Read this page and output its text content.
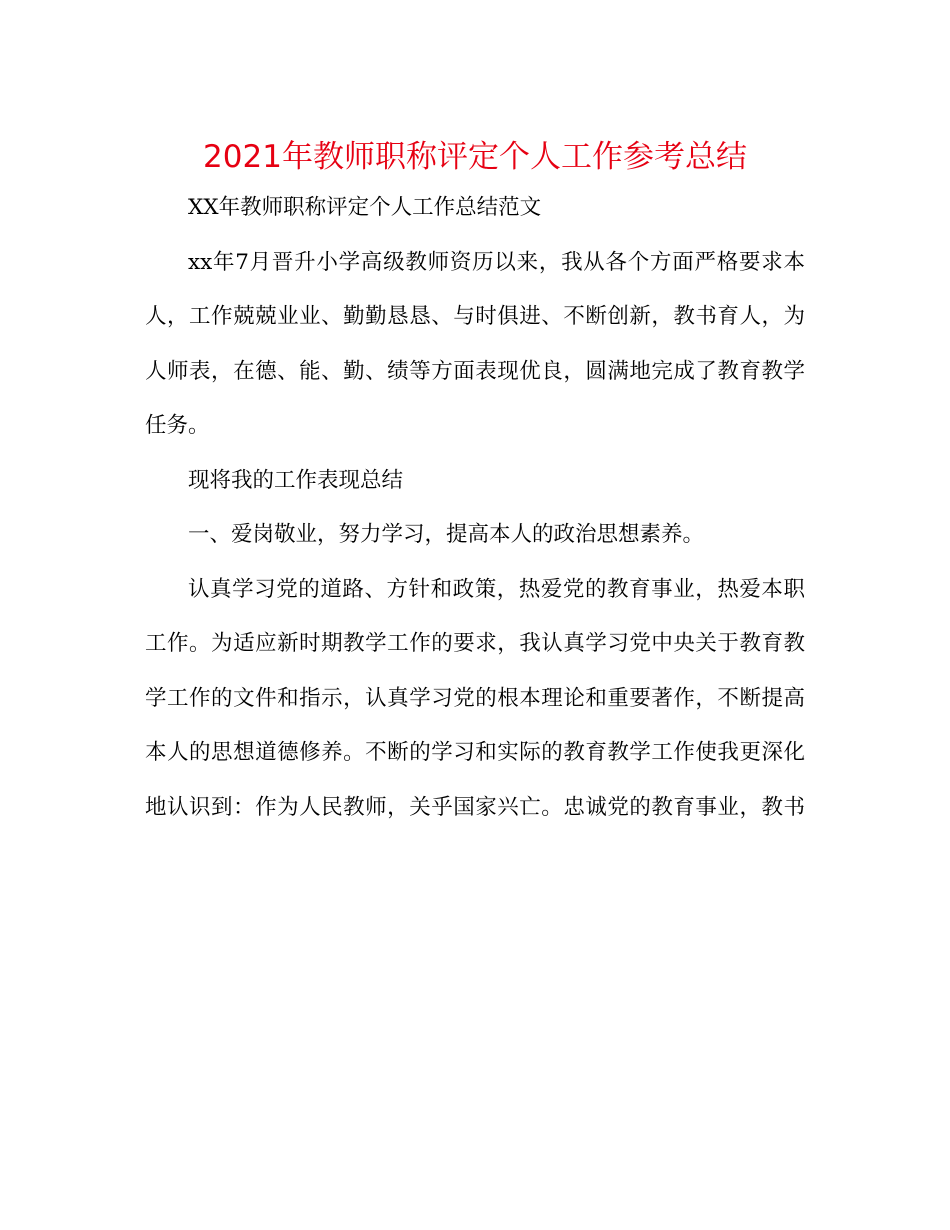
2021年教师职称评定个人工作参考总结
XX年教师职称评定个人工作总结范文
xx年7月晋升小学高级教师资历以来，我从各个方面严格要求本
人，工作兢兢业业、勤勤恳恳、与时俱进、不断创新，教书育人，为
人师表，在德、能、勤、绩等方面表现优良，圆满地完成了教育教学
任务。
现将我的工作表现总结
一、爱岗敬业，努力学习，提高本人的政治思想素养。
认真学习党的道路、方针和政策，热爱党的教育事业，热爱本职
工作。为适应新时期教学工作的要求，我认真学习党中央关于教育教
学工作的文件和指示，认真学习党的根本理论和重要著作，不断提高
本人的思想道德修养。不断的学习和实际的教育教学工作使我更深化
地认识到：作为人民教师，关乎国家兴亡。忠诚党的教育事业，教书
